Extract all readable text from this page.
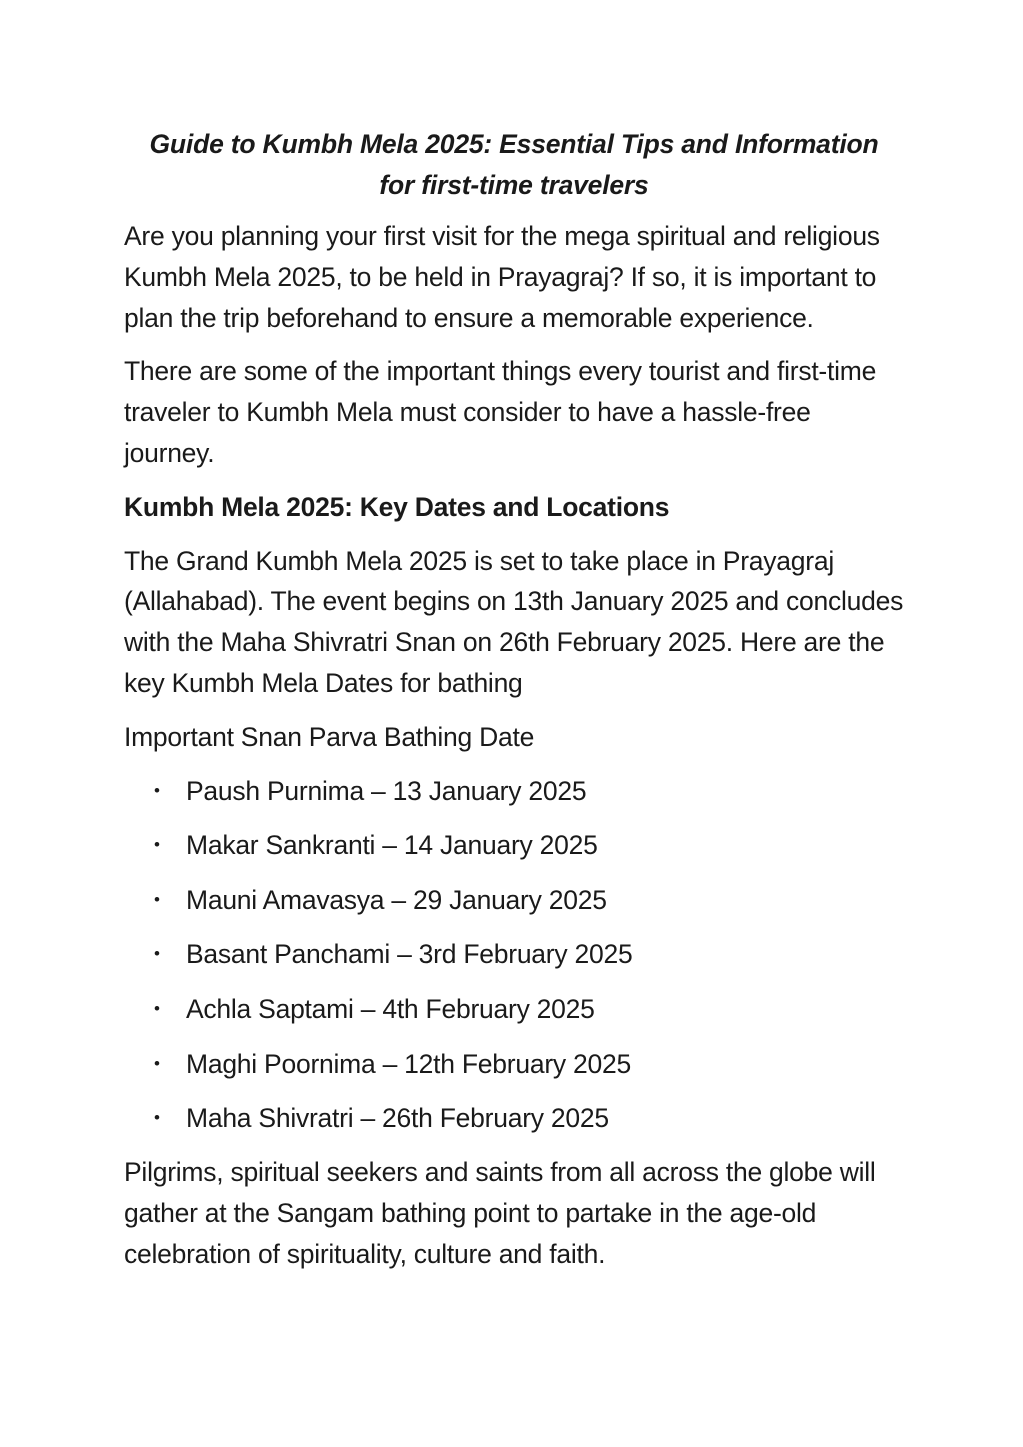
Guide to Kumbh Mela 2025: Essential Tips and Information
for first-time travelers

Are you planning your first visit for the mega spiritual and religious Kumbh Mela 2025, to be held in Prayagraj? If so, it is important to plan the trip beforehand to ensure a memorable experience.

There are some of the important things every tourist and first-time traveler to Kumbh Mela must consider to have a hassle-free journey.

Kumbh Mela 2025: Key Dates and Locations

The Grand Kumbh Mela 2025 is set to take place in Prayagraj (Allahabad). The event begins on 13th January 2025 and concludes with the Maha Shivratri Snan on 26th February 2025. Here are the key Kumbh Mela Dates for bathing

Important Snan Parva Bathing Date

• Paush Purnima – 13 January 2025
• Makar Sankranti – 14 January 2025
• Mauni Amavasya – 29 January 2025
• Basant Panchami – 3rd February 2025
• Achla Saptami – 4th February 2025
• Maghi Poornima – 12th February 2025
• Maha Shivratri – 26th February 2025

Pilgrims, spiritual seekers and saints from all across the globe will gather at the Sangam bathing point to partake in the age-old celebration of spirituality, culture and faith.
